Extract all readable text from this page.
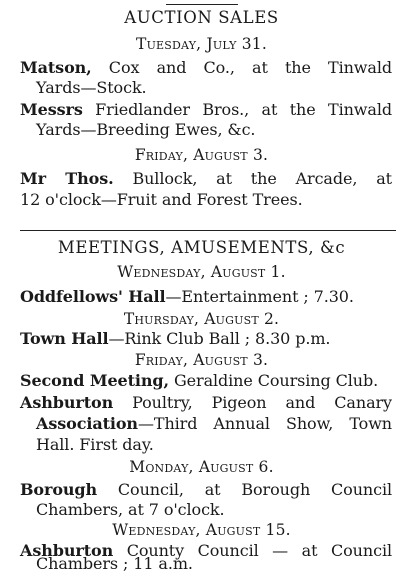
AUCTION SALES
Tuesday, July 31.
Matson, Cox and Co., at the Tinwald
Yards—Stock.
Messrs Friedlander Bros., at the Tinwald
Yards—Breeding Ewes, &c.
Friday, August 3.
Mr Thos. Bullock, at the Arcade, at
12 o'clock—Fruit and Forest Trees.
MEETINGS, AMUSEMENTS, &c
Wednesday, August 1.
Oddfellows' Hall—Entertainment ; 7.30.
Thursday, August 2.
Town Hall—Rink Club Ball ; 8.30 p.m.
Friday, August 3.
Second Meeting, Geraldine Coursing Club.
Ashburton Poultry, Pigeon and Canary
Association—Third Annual Show, Town
Hall. First day.
Monday, August 6.
Borough Council, at Borough Council
Chambers, at 7 o'clock.
Wednesday, August 15.
Ashburton County Council — at Council
Chambers ; 11 a.m.
